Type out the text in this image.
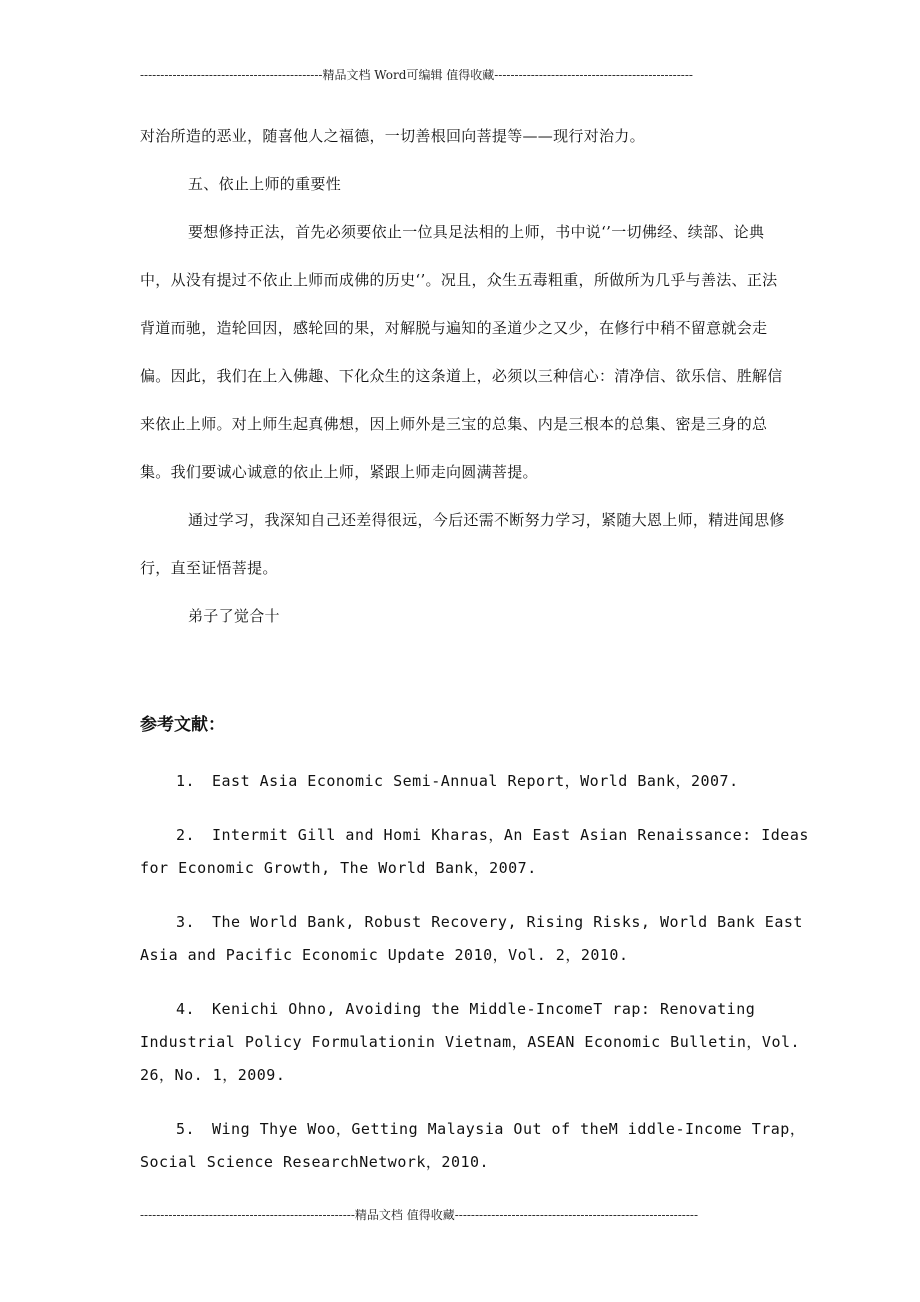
---------------------------------------------精品文档 Word可编辑 值得收藏-------------------------------------------------

对治所造的恶业，随喜他人之福德，一切善根回向菩提等——现行对治力。

五、依止上师的重要性

要想修持正法，首先必须要依止一位具足法相的上师，书中说‘’一切佛经、续部、论典中，从没有提过不依止上师而成佛的历史‘’。况且，众生五毒粗重，所做所为几乎与善法、正法背道而驰，造轮回因，感轮回的果，对解脱与遍知的圣道少之又少，在修行中稍不留意就会走偏。因此，我们在上入佛趣、下化众生的这条道上，必须以三种信心：清净信、欲乐信、胜解信来依止上师。对上师生起真佛想，因上师外是三宝的总集、内是三根本的总集、密是三身的总集。我们要诚心诚意的依止上师，紧跟上师走向圆满菩提。

通过学习，我深知自己还差得很远，今后还需不断努力学习，紧随大恩上师，精进闻思修行，直至证悟菩提。

弟子了觉合十

参考文献：
1. East Asia Economic Semi-Annual Report，World Bank，2007.
2. Intermit Gill and Homi Kharas，An East Asian Renaissance: Ideas
for Economic Growth, The World Bank，2007.
3. The World Bank, Robust Recovery, Rising Risks, World Bank East
Asia and Pacific Economic Update 2010，Vol. 2，2010.
4. Kenichi Ohno, Avoiding the Middle-IncomeT rap: Renovating
Industrial Policy Formulationin Vietnam，ASEAN Economic Bulletin，Vol.
26，No. 1，2009.
5. Wing Thye Woo，Getting Malaysia Out of theM iddle-Income Trap，
Social Science ResearchNetwork，2010.
-----------------------------------------------------精品文档 值得收藏------------------------------------------------------------
